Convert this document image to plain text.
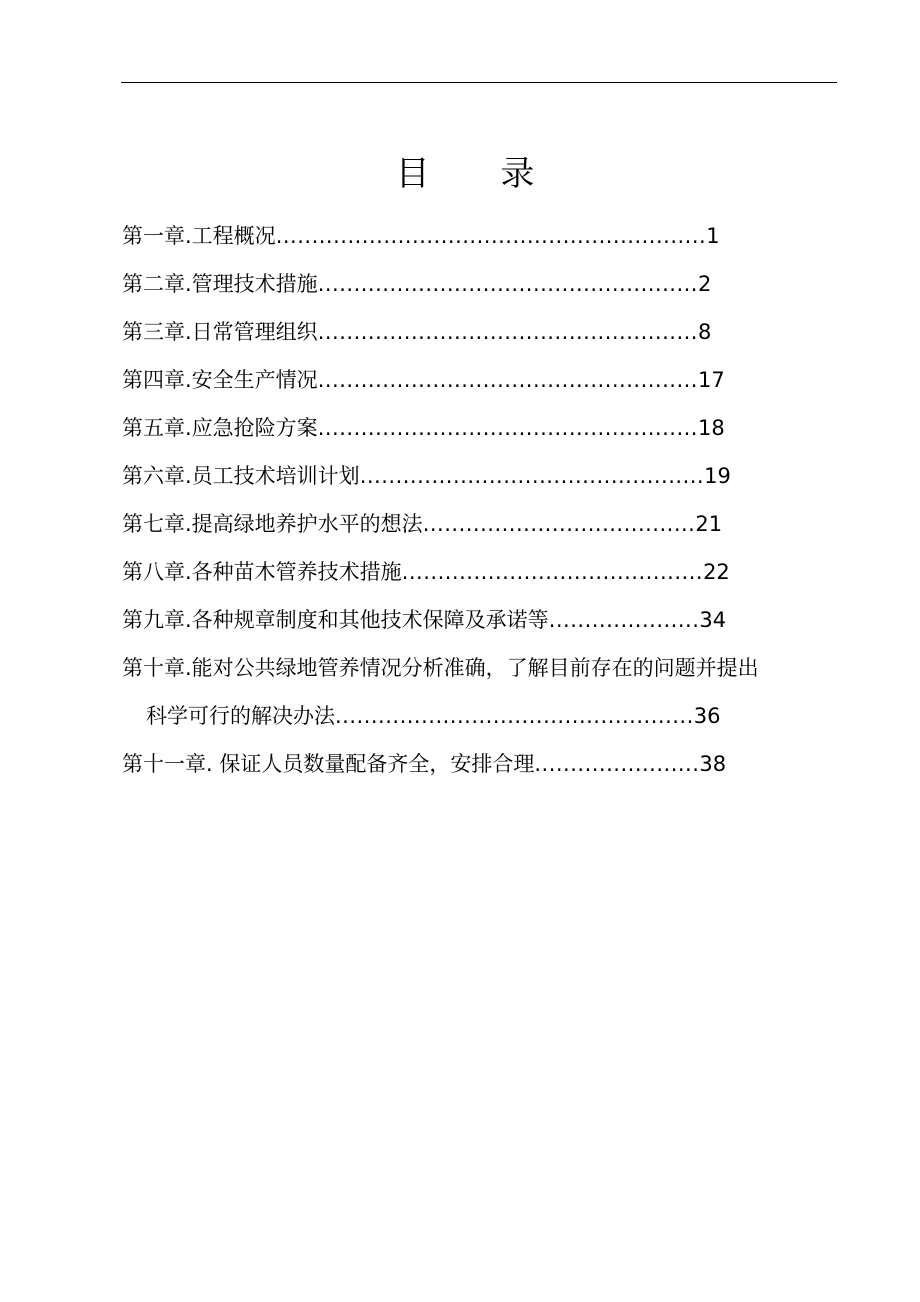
目 录
第一章.工程概况............................................................1
第二章.管理技术措施.....................................................2
第三章.日常管理组织.....................................................8
第四章.安全生产情况.....................................................17
第五章.应急抢险方案.....................................................18
第六章.员工技术培训计划................................................19
第七章.提高绿地养护水平的想法......................................21
第八章.各种苗木管养技术措施..........................................22
第九章.各种规章制度和其他技术保障及承诺等.....................34
第十章.能对公共绿地管养情况分析准确，了解目前存在的问题并提出
科学可行的解决办法..................................................36
第十一章. 保证人员数量配备齐全，安排合理.......................38
